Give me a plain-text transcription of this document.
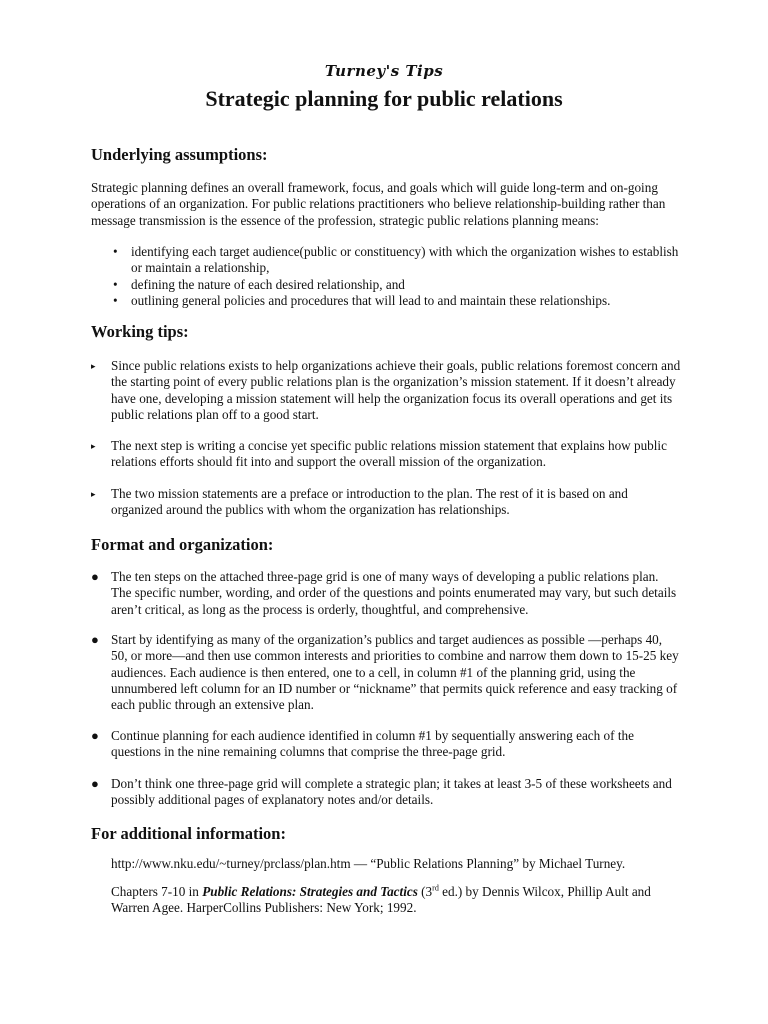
Turney's Tips
Strategic planning for public relations
Underlying assumptions:

Strategic planning defines an overall framework, focus, and goals which will guide long-term and on-going operations of an organization. For public relations practitioners who believe relationship-building rather than message transmission is the essence of the profession, strategic public relations planning means:

• identifying each target audience(public or constituency) with which the organization wishes to establish or maintain a relationship,
• defining the nature of each desired relationship, and
• outlining general policies and procedures that will lead to and maintain these relationships.
Working tips:
▸	Since public relations exists to help organizations achieve their goals, public relations foremost concern and the starting point of every public relations plan is the organization’s mission statement. If it doesn’t already have one, developing a mission statement will help the organization focus its overall operations and get its public relations plan off to a good start.
▸	The next step is writing a concise yet specific public relations mission statement that explains how public relations efforts should fit into and support the overall mission of the organization.
▸	The two mission statements are a preface or introduction to the plan. The rest of it is based on and organized around the publics with whom the organization has relationships.
Format and organization:
● The ten steps on the attached three-page grid is one of many ways of developing a public relations plan. The specific number, wording, and order of the questions and points enumerated may vary, but such details aren’t critical, as long as the process is orderly, thoughtful, and comprehensive.
● Start by identifying as many of the organization’s publics and target audiences as possible —perhaps 40, 50, or more—and then use common interests and priorities to combine and narrow them down to 15-25 key audiences. Each audience is then entered, one to a cell, in column #1 of the planning grid, using the unnumbered left column for an ID number or “nickname” that permits quick reference and easy tracking of each public through an extensive plan.
● Continue planning for each audience identified in column #1 by sequentially answering each of the questions in the nine remaining columns that comprise the three-page grid.
● Don’t think one three-page grid will complete a strategic plan; it takes at least 3-5 of these worksheets and possibly additional pages of explanatory notes and/or details.
For additional information:

http://www.nku.edu/~turney/prclass/plan.htm — “Public Relations Planning” by Michael Turney.

Chapters 7-10 in Public Relations: Strategies and Tactics (3rd ed.) by Dennis Wilcox, Phillip Ault and Warren Agee. HarperCollins Publishers: New York; 1992.
